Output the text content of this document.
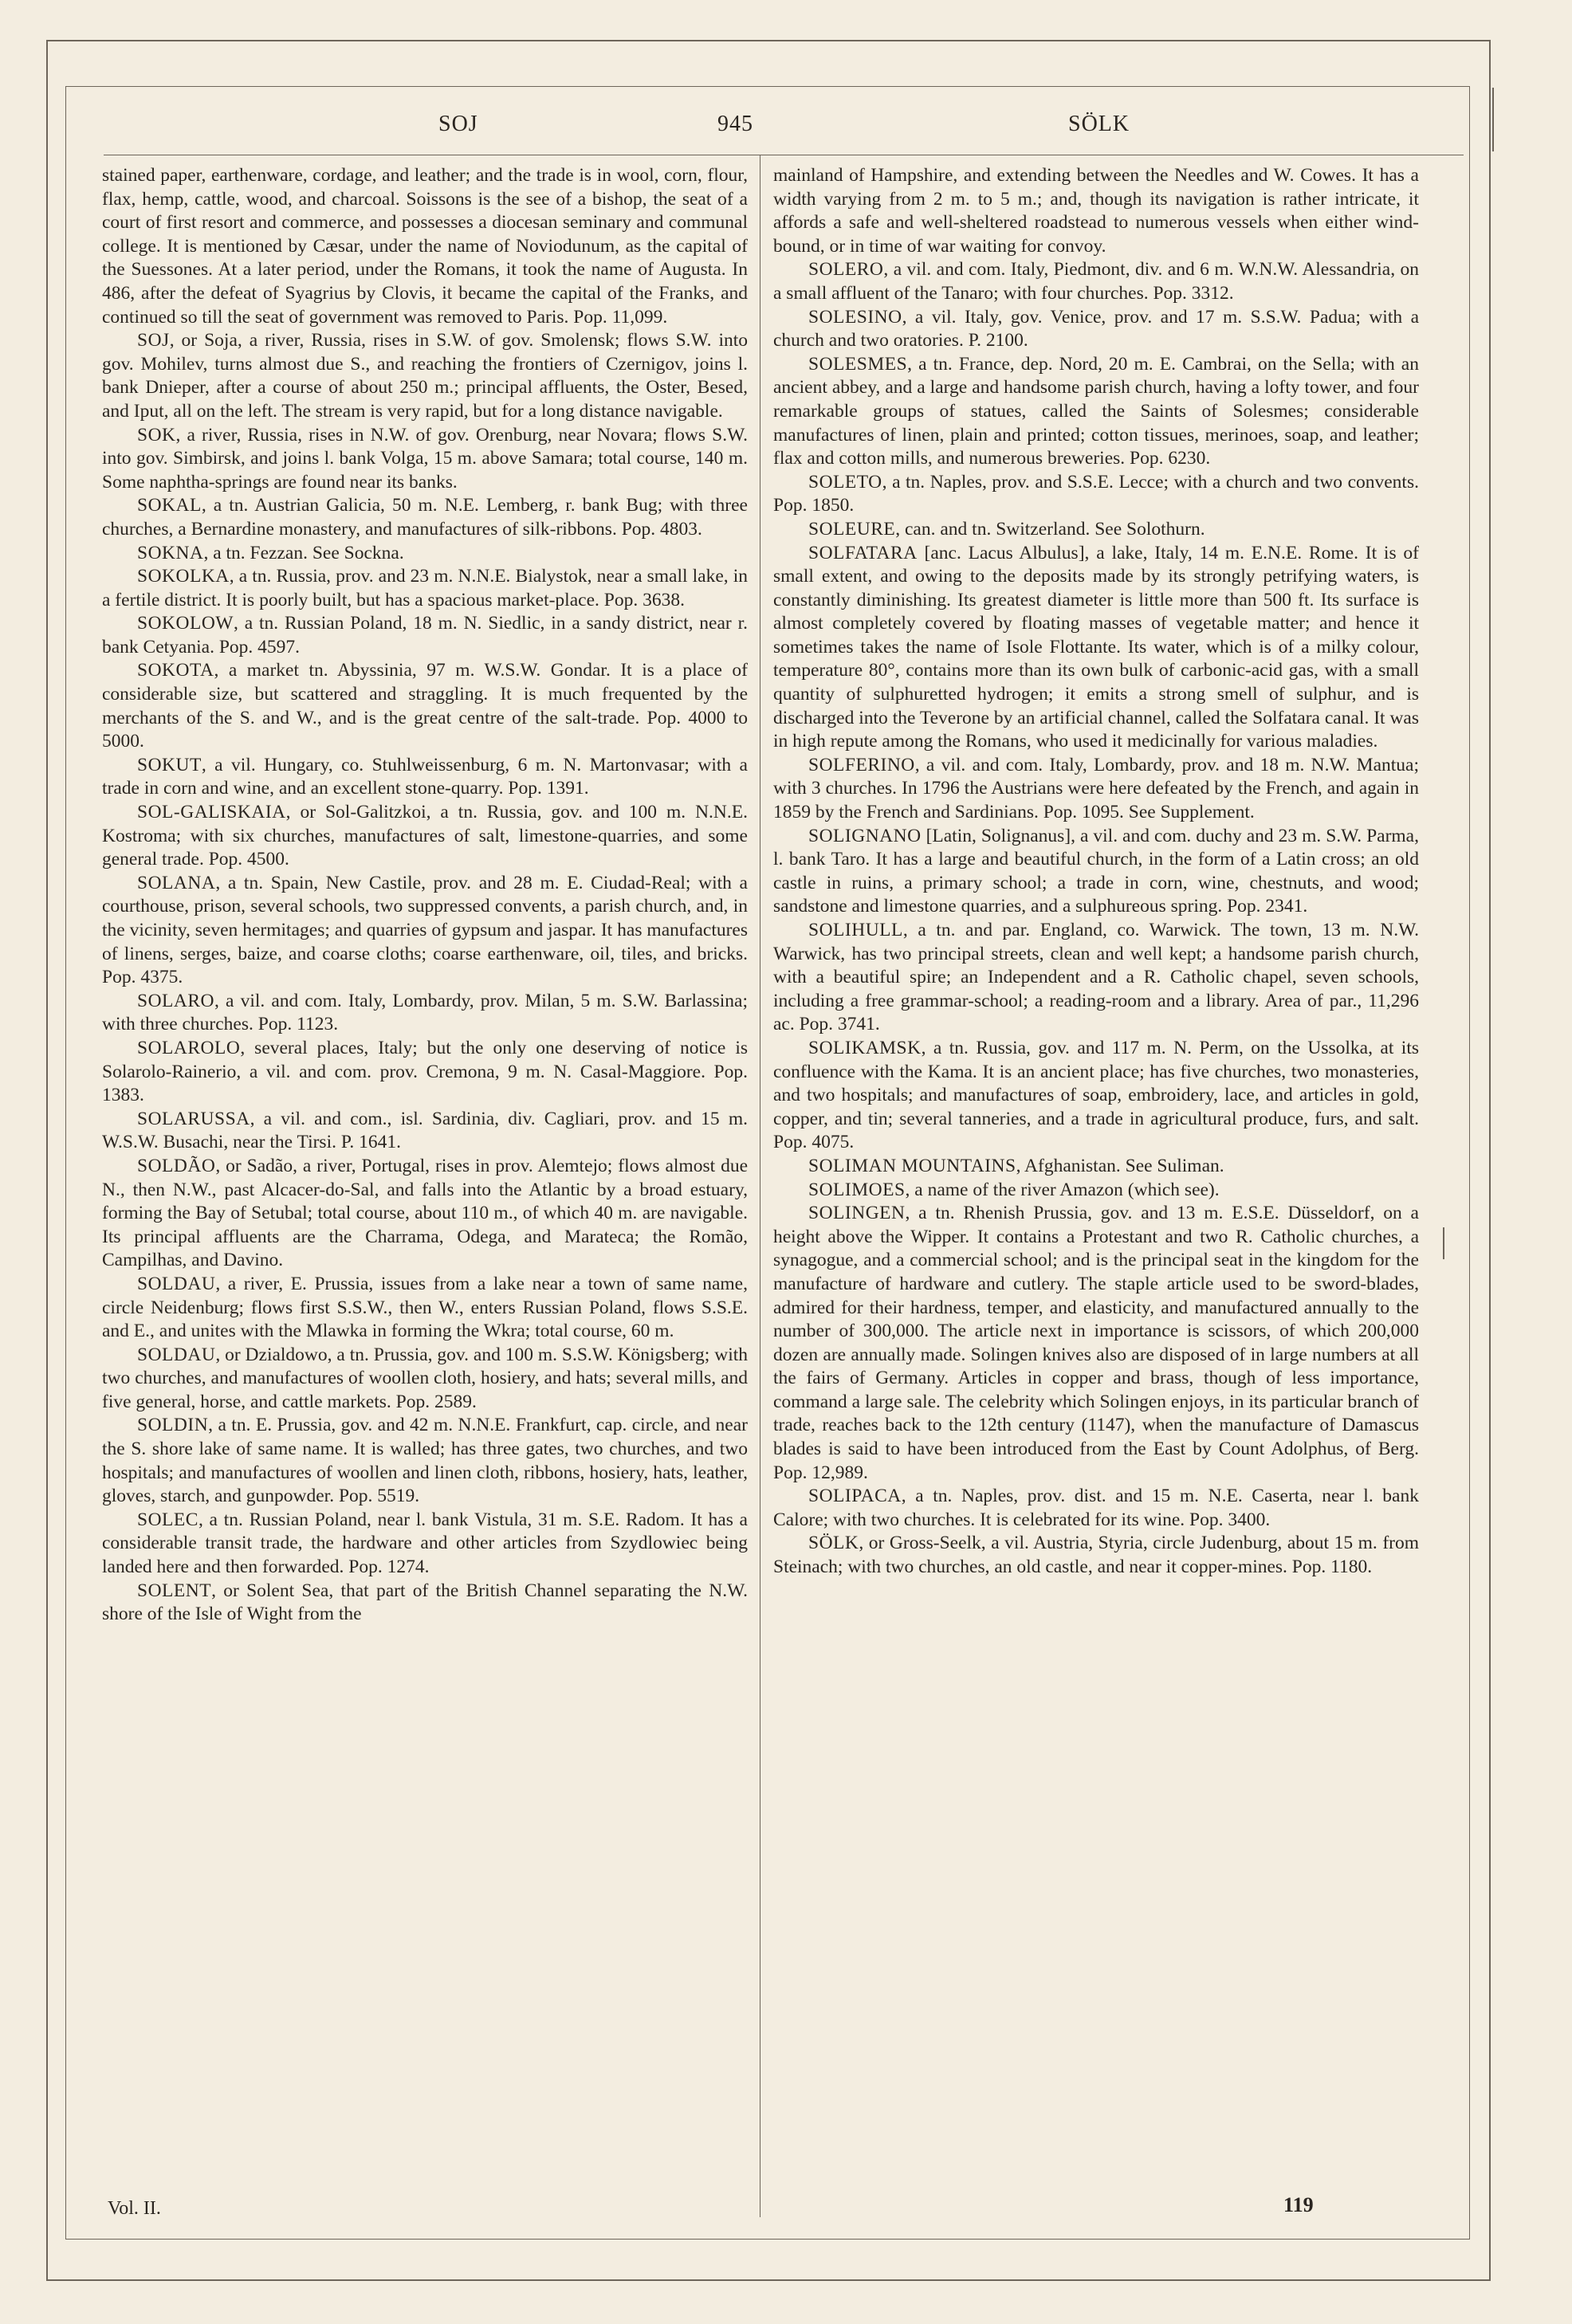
SOJ	945	SÖLK

stained paper, earthenware, cordage, and leather; and the trade is in wool, corn, flour, flax, hemp, cattle, wood, and charcoal. Soissons is the see of a bishop, the seat of a court of first resort and commerce, and possesses a diocesan seminary and communal college. It is mentioned by Cæsar, under the name of Noviodunum, as the capital of the Suessones. At a later period, under the Romans, it took the name of Augusta. In 486, after the defeat of Syagrius by Clovis, it became the capital of the Franks, and continued so till the seat of government was removed to Paris. Pop. 11,099.

SOJ, or Soja, a river, Russia, rises in S.W. of gov. Smolensk; flows S.W. into gov. Mohilev, turns almost due S., and reaching the frontiers of Czernigov, joins l. bank Dnieper, after a course of about 250 m.; principal affluents, the Oster, Besed, and Iput, all on the left. The stream is very rapid, but for a long distance navigable.

SOK, a river, Russia, rises in N.W. of gov. Orenburg, near Novara; flows S.W. into gov. Simbirsk, and joins l. bank Volga, 15 m. above Samara; total course, 140 m. Some naphtha-springs are found near its banks.

SOKAL, a tn. Austrian Galicia, 50 m. N.E. Lemberg, r. bank Bug; with three churches, a Bernardine monastery, and manufactures of silk-ribbons. Pop. 4803.

SOKNA, a tn. Fezzan. See Sockna.

SOKOLKA, a tn. Russia, prov. and 23 m. N.N.E. Bialystok, near a small lake, in a fertile district. It is poorly built, but has a spacious market-place. Pop. 3638.

SOKOLOW, a tn. Russian Poland, 18 m. N. Siedlic, in a sandy district, near r. bank Cetyania. Pop. 4597.

SOKOTA, a market tn. Abyssinia, 97 m. W.S.W. Gondar. It is a place of considerable size, but scattered and straggling. It is much frequented by the merchants of the S. and W., and is the great centre of the salt-trade. Pop. 4000 to 5000.

SOKUT, a vil. Hungary, co. Stuhlweissenburg, 6 m. N. Martonvasar; with a trade in corn and wine, and an excellent stone-quarry. Pop. 1391.

SOL-GALISKAIA, or Sol-Galitzkoi, a tn. Russia, gov. and 100 m. N.N.E. Kostroma; with six churches, manufactures of salt, limestone-quarries, and some general trade. Pop. 4500.

SOLANA, a tn. Spain, New Castile, prov. and 28 m. E. Ciudad-Real; with a courthouse, prison, several schools, two suppressed convents, a parish church, and, in the vicinity, seven hermitages; and quarries of gypsum and jaspar. It has manufactures of linens, serges, baize, and coarse cloths; coarse earthenware, oil, tiles, and bricks. Pop. 4375.

SOLARO, a vil. and com. Italy, Lombardy, prov. Milan, 5 m. S.W. Barlassina; with three churches. Pop. 1123.

SOLAROLO, several places, Italy; but the only one deserving of notice is Solarolo-Rainerio, a vil. and com. prov. Cremona, 9 m. N. Casal-Maggiore. Pop. 1383.

SOLARUSSA, a vil. and com., isl. Sardinia, div. Cagliari, prov. and 15 m. W.S.W. Busachi, near the Tirsi. P. 1641.

SOLDÃO, or Sadão, a river, Portugal, rises in prov. Alemtejo; flows almost due N., then N.W., past Alcacer-do-Sal, and falls into the Atlantic by a broad estuary, forming the Bay of Setubal; total course, about 110 m., of which 40 m. are navigable. Its principal affluents are the Charrama, Odega, and Marateca; the Romão, Campilhas, and Davino.

SOLDAU, a river, E. Prussia, issues from a lake near a town of same name, circle Neidenburg; flows first S.S.W., then W., enters Russian Poland, flows S.S.E. and E., and unites with the Mlawka in forming the Wkra; total course, 60 m.

SOLDAU, or Dzialdowo, a tn. Prussia, gov. and 100 m. S.S.W. Königsberg; with two churches, and manufactures of woollen cloth, hosiery, and hats; several mills, and five general, horse, and cattle markets. Pop. 2589.

SOLDIN, a tn. E. Prussia, gov. and 42 m. N.N.E. Frankfurt, cap. circle, and near the S. shore lake of same name. It is walled; has three gates, two churches, and two hospitals; and manufactures of woollen and linen cloth, ribbons, hosiery, hats, leather, gloves, starch, and gunpowder. Pop. 5519.

SOLEC, a tn. Russian Poland, near l. bank Vistula, 31 m. S.E. Radom. It has a considerable transit trade, the hardware and other articles from Szydlowiec being landed here and then forwarded. Pop. 1274.

SOLENT, or Solent Sea, that part of the British Channel separating the N.W. shore of the Isle of Wight from the

mainland of Hampshire, and extending between the Needles and W. Cowes. It has a width varying from 2 m. to 5 m.; and, though its navigation is rather intricate, it affords a safe and well-sheltered roadstead to numerous vessels when either wind-bound, or in time of war waiting for convoy.

SOLERO, a vil. and com. Italy, Piedmont, div. and 6 m. W.N.W. Alessandria, on a small affluent of the Tanaro; with four churches. Pop. 3312.

SOLESINO, a vil. Italy, gov. Venice, prov. and 17 m. S.S.W. Padua; with a church and two oratories. P. 2100.

SOLESMES, a tn. France, dep. Nord, 20 m. E. Cambrai, on the Sella; with an ancient abbey, and a large and handsome parish church, having a lofty tower, and four remarkable groups of statues, called the Saints of Solesmes; considerable manufactures of linen, plain and printed; cotton tissues, merinoes, soap, and leather; flax and cotton mills, and numerous breweries. Pop. 6230.

SOLETO, a tn. Naples, prov. and S.S.E. Lecce; with a church and two convents. Pop. 1850.

SOLEURE, can. and tn. Switzerland. See Solothurn.

SOLFATARA [anc. Lacus Albulus], a lake, Italy, 14 m. E.N.E. Rome. It is of small extent, and owing to the deposits made by its strongly petrifying waters, is constantly diminishing. Its greatest diameter is little more than 500 ft. Its surface is almost completely covered by floating masses of vegetable matter; and hence it sometimes takes the name of Isole Flottante. Its water, which is of a milky colour, temperature 80°, contains more than its own bulk of carbonic-acid gas, with a small quantity of sulphuretted hydrogen; it emits a strong smell of sulphur, and is discharged into the Teverone by an artificial channel, called the Solfatara canal. It was in high repute among the Romans, who used it medicinally for various maladies.

SOLFERINO, a vil. and com. Italy, Lombardy, prov. and 18 m. N.W. Mantua; with 3 churches. In 1796 the Austrians were here defeated by the French, and again in 1859 by the French and Sardinians. Pop. 1095. See Supplement.

SOLIGNANO [Latin, Solignanus], a vil. and com. duchy and 23 m. S.W. Parma, l. bank Taro. It has a large and beautiful church, in the form of a Latin cross; an old castle in ruins, a primary school; a trade in corn, wine, chestnuts, and wood; sandstone and limestone quarries, and a sulphureous spring. Pop. 2341.

SOLIHULL, a tn. and par. England, co. Warwick. The town, 13 m. N.W. Warwick, has two principal streets, clean and well kept; a handsome parish church, with a beautiful spire; an Independent and a R. Catholic chapel, seven schools, including a free grammar-school; a reading-room and a library. Area of par., 11,296 ac. Pop. 3741.

SOLIKAMSK, a tn. Russia, gov. and 117 m. N. Perm, on the Ussolka, at its confluence with the Kama. It is an ancient place; has five churches, two monasteries, and two hospitals; and manufactures of soap, embroidery, lace, and articles in gold, copper, and tin; several tanneries, and a trade in agricultural produce, furs, and salt. Pop. 4075.

SOLIMAN MOUNTAINS, Afghanistan. See Suliman.

SOLIMOES, a name of the river Amazon (which see).

SOLINGEN, a tn. Rhenish Prussia, gov. and 13 m. E.S.E. Düsseldorf, on a height above the Wipper. It contains a Protestant and two R. Catholic churches, a synagogue, and a commercial school; and is the principal seat in the kingdom for the manufacture of hardware and cutlery. The staple article used to be sword-blades, admired for their hardness, temper, and elasticity, and manufactured annually to the number of 300,000. The article next in importance is scissors, of which 200,000 dozen are annually made. Solingen knives also are disposed of in large numbers at all the fairs of Germany. Articles in copper and brass, though of less importance, command a large sale. The celebrity which Solingen enjoys, in its particular branch of trade, reaches back to the 12th century (1147), when the manufacture of Damascus blades is said to have been introduced from the East by Count Adolphus, of Berg. Pop. 12,989.

SOLIPACA, a tn. Naples, prov. dist. and 15 m. N.E. Caserta, near l. bank Calore; with two churches. It is celebrated for its wine. Pop. 3400.

SÖLK, or Gross-Seelk, a vil. Austria, Styria, circle Judenburg, about 15 m. from Steinach; with two churches, an old castle, and near it copper-mines. Pop. 1180.

Vol. II.	119
